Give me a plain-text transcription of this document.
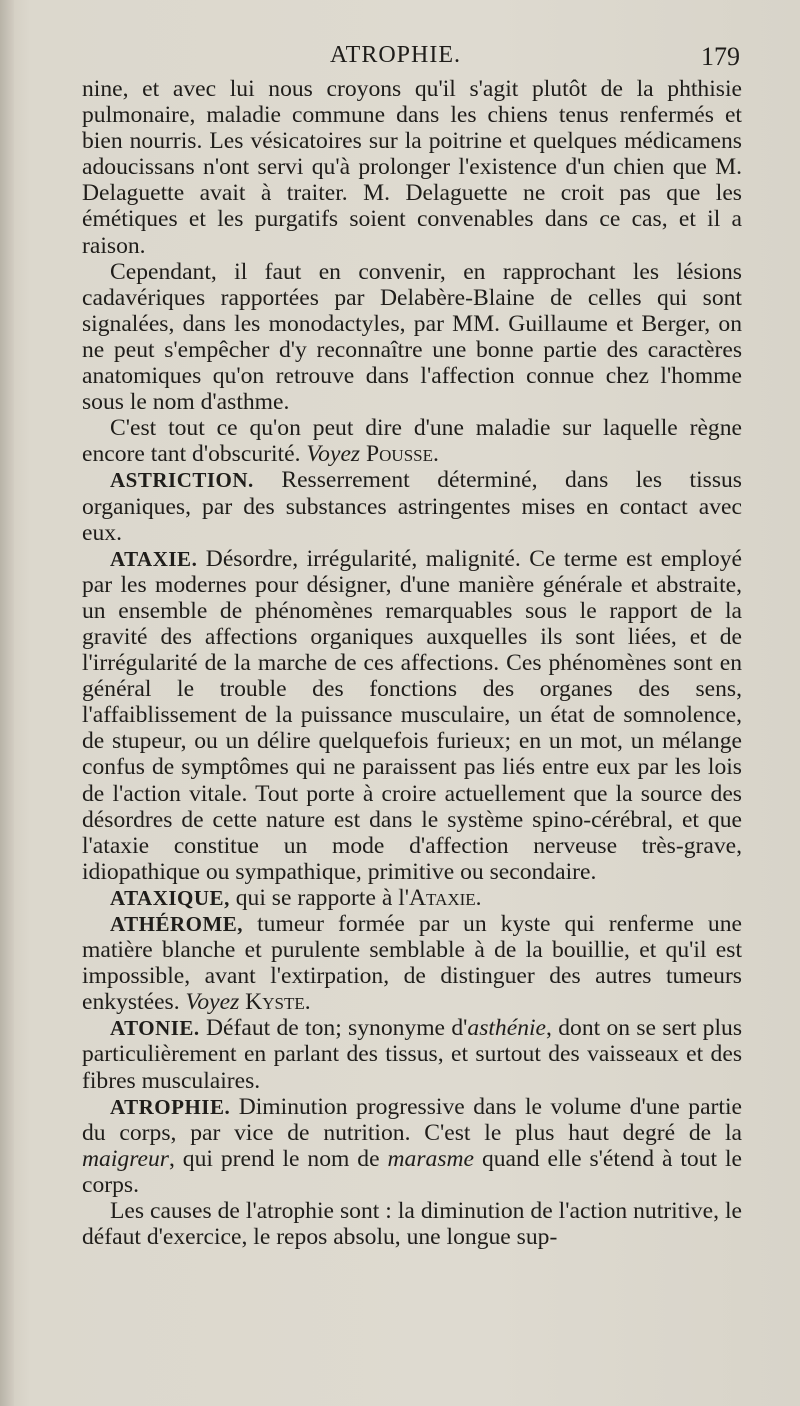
ATROPHIE.	179

nine, et avec lui nous croyons qu'il s'agit plutôt de la phthisie pulmonaire, maladie commune dans les chiens tenus renfermés et bien nourris. Les vésicatoires sur la poitrine et quelques médicamens adoucissans n'ont servi qu'à prolonger l'existence d'un chien que M. Delaguette avait à traiter. M. Delaguette ne croit pas que les émétiques et les purgatifs soient convenables dans ce cas, et il a raison.

Cependant, il faut en convenir, en rapprochant les lésions cadavériques rapportées par Delabère-Blaine de celles qui sont signalées, dans les monodactyles, par MM. Guillaume et Berger, on ne peut s'empêcher d'y reconnaître une bonne partie des caractères anatomiques qu'on retrouve dans l'affection connue chez l'homme sous le nom d'asthme.

C'est tout ce qu'on peut dire d'une maladie sur laquelle règne encore tant d'obscurité. Voyez Pousse.

ASTRICTION. Resserrement déterminé, dans les tissus organiques, par des substances astringentes mises en contact avec eux.

ATAXIE. Désordre, irrégularité, malignité. Ce terme est employé par les modernes pour désigner, d'une manière générale et abstraite, un ensemble de phénomènes remarquables sous le rapport de la gravité des affections organiques auxquelles ils sont liées, et de l'irrégularité de la marche de ces affections. Ces phénomènes sont en général le trouble des fonctions des organes des sens, l'affaiblissement de la puissance musculaire, un état de somnolence, de stupeur, ou un délire quelquefois furieux; en un mot, un mélange confus de symptômes qui ne paraissent pas liés entre eux par les lois de l'action vitale. Tout porte à croire actuellement que la source des désordres de cette nature est dans le système spino-cérébral, et que l'ataxie constitue un mode d'affection nerveuse très-grave, idiopathique ou sympathique, primitive ou secondaire.

ATAXIQUE, qui se rapporte à l'Ataxie.

ATHÉROME, tumeur formée par un kyste qui renferme une matière blanche et purulente semblable à de la bouillie, et qu'il est impossible, avant l'extirpation, de distinguer des autres tumeurs enkystées. Voyez Kyste.

ATONIE. Défaut de ton; synonyme d'asthénie, dont on se sert plus particulièrement en parlant des tissus, et surtout des vaisseaux et des fibres musculaires.

ATROPHIE. Diminution progressive dans le volume d'une partie du corps, par vice de nutrition. C'est le plus haut degré de la maigreur, qui prend le nom de marasme quand elle s'étend à tout le corps.

Les causes de l'atrophie sont : la diminution de l'action nutritive, le défaut d'exercice, le repos absolu, une longue sup-
